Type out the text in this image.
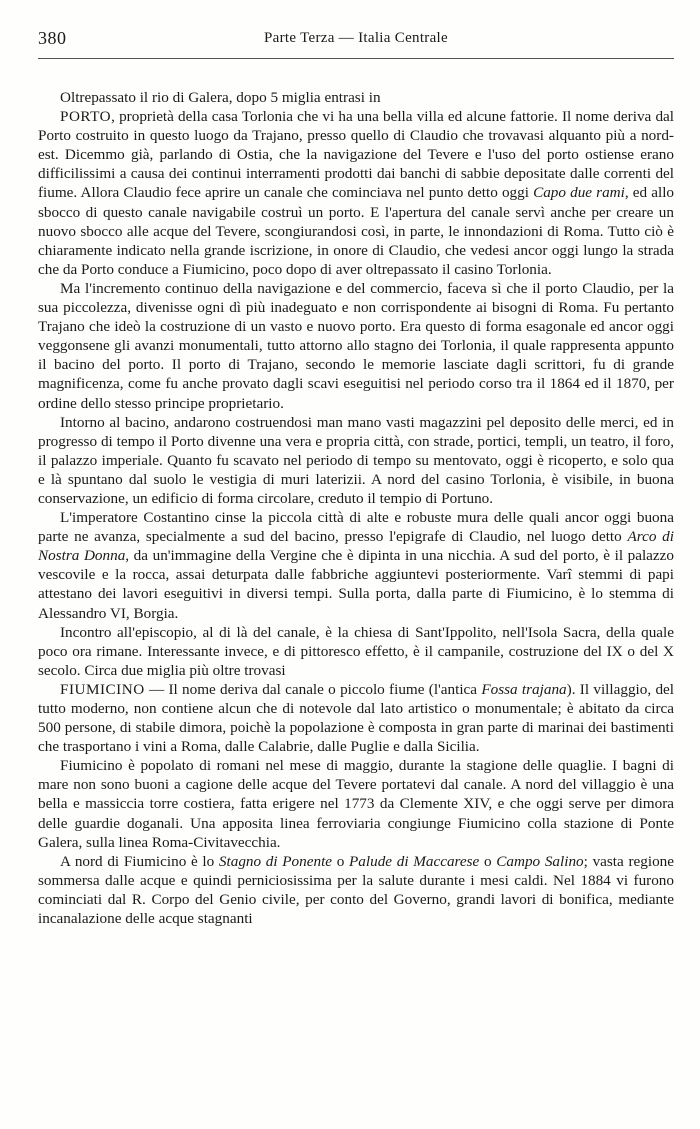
380	Parte Terza — Italia Centrale

Oltrepassato il rio di Galera, dopo 5 miglia entrasi in

PORTO, proprietà della casa Torlonia che vi ha una bella villa ed alcune fattorie. Il nome deriva dal Porto costruito in questo luogo da Trajano, presso quello di Claudio che trovavasi alquanto più a nord-est. Dicemmo già, parlando di Ostia, che la navigazione del Tevere e l'uso del porto ostiense erano difficilissimi a causa dei continui interramenti prodotti dai banchi di sabbie depositate dalle correnti del fiume. Allora Claudio fece aprire un canale che cominciava nel punto detto oggi Capo due rami, ed allo sbocco di questo canale navigabile costruì un porto. E l'apertura del canale servì anche per creare un nuovo sbocco alle acque del Tevere, scongiurandosi così, in parte, le innondazioni di Roma. Tutto ciò è chiaramente indicato nella grande iscrizione, in onore di Claudio, che vedesi ancor oggi lungo la strada che da Porto conduce a Fiumicino, poco dopo di aver oltrepassato il casino Torlonia.

Ma l'incremento continuo della navigazione e del commercio, faceva sì che il porto Claudio, per la sua piccolezza, divenisse ogni dì più inadeguato e non corrispondente ai bisogni di Roma. Fu pertanto Trajano che ideò la costruzione di un vasto e nuovo porto. Era questo di forma esagonale ed ancor oggi veggonsene gli avanzi monumentali, tutto attorno allo stagno dei Torlonia, il quale rappresenta appunto il bacino del porto. Il porto di Trajano, secondo le memorie lasciate dagli scrittori, fu di grande magnificenza, come fu anche provato dagli scavi eseguitisi nel periodo corso tra il 1864 ed il 1870, per ordine dello stesso principe proprietario.

Intorno al bacino, andarono costruendosi man mano vasti magazzini pel deposito delle merci, ed in progresso di tempo il Porto divenne una vera e propria città, con strade, portici, templi, un teatro, il foro, il palazzo imperiale. Quanto fu scavato nel periodo di tempo su mentovato, oggi è ricoperto, e solo qua e là spuntano dal suolo le vestigia di muri laterizii. A nord del casino Torlonia, è visibile, in buona conservazione, un edificio di forma circolare, creduto il tempio di Portuno.

L'imperatore Costantino cinse la piccola città di alte e robuste mura delle quali ancor oggi buona parte ne avanza, specialmente a sud del bacino, presso l'epigrafe di Claudio, nel luogo detto Arco di Nostra Donna, da un'immagine della Vergine che è dipinta in una nicchia. A sud del porto, è il palazzo vescovile e la rocca, assai deturpata dalle fabbriche aggiuntevi posteriormente. Varî stemmi di papi attestano dei lavori eseguitivi in diversi tempi. Sulla porta, dalla parte di Fiumicino, è lo stemma di Alessandro VI, Borgia.

Incontro all'episcopio, al di là del canale, è la chiesa di Sant'Ippolito, nell'Isola Sacra, della quale poco ora rimane. Interessante invece, e di pittoresco effetto, è il campanile, costruzione del IX o del X secolo. Circa due miglia più oltre trovasi

FIUMICINO — Il nome deriva dal canale o piccolo fiume (l'antica Fossa trajana). Il villaggio, del tutto moderno, non contiene alcun che di notevole dal lato artistico o monumentale; è abitato da circa 500 persone, di stabile dimora, poichè la popolazione è composta in gran parte di marinai dei bastimenti che trasportano i vini a Roma, dalle Calabrie, dalle Puglie e dalla Sicilia.

Fiumicino è popolato di romani nel mese di maggio, durante la stagione delle quaglie. I bagni di mare non sono buoni a cagione delle acque del Tevere portatevi dal canale. A nord del villaggio è una bella e massiccia torre costiera, fatta erigere nel 1773 da Clemente XIV, e che oggi serve per dimora delle guardie doganali. Una apposita linea ferroviaria congiunge Fiumicino colla stazione di Ponte Galera, sulla linea Roma-Civitavecchia.

A nord di Fiumicino è lo Stagno di Ponente o Palude di Maccarese o Campo Salino; vasta regione sommersa dalle acque e quindi perniciosissima per la salute durante i mesi caldi. Nel 1884 vi furono cominciati dal R. Corpo del Genio civile, per conto del Governo, grandi lavori di bonifica, mediante incanalazione delle acque stagnanti
